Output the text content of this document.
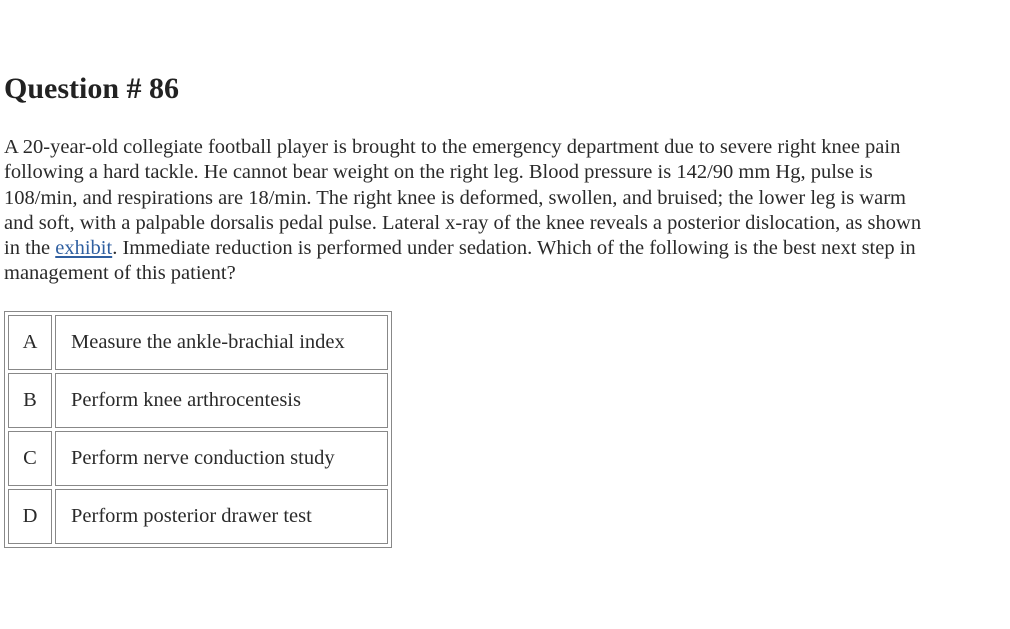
Question # 86

A 20-year-old collegiate football player is brought to the emergency department due to severe right knee pain following a hard tackle. He cannot bear weight on the right leg. Blood pressure is 142/90 mm Hg, pulse is 108/min, and respirations are 18/min. The right knee is deformed, swollen, and bruised; the lower leg is warm and soft, with a palpable dorsalis pedal pulse. Lateral x-ray of the knee reveals a posterior dislocation, as shown in the exhibit. Immediate reduction is performed under sedation. Which of the following is the best next step in management of this patient?

A	Measure the ankle-brachial index
B	Perform knee arthrocentesis
C	Perform nerve conduction study
D	Perform posterior drawer test
